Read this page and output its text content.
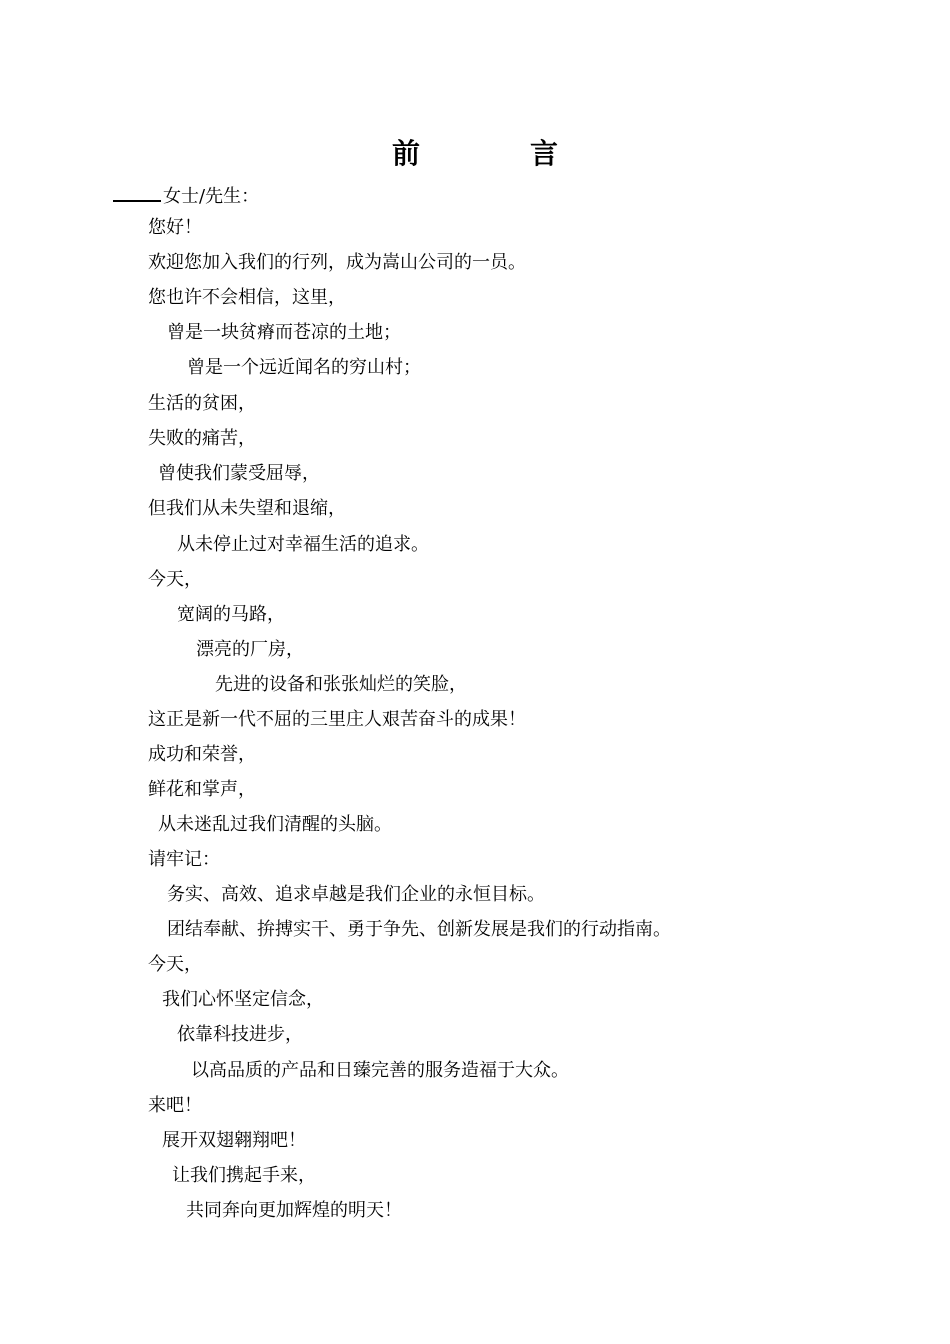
前	言
女士/先生：
您好！
欢迎您加入我们的行列，成为嵩山公司的一员。
您也许不会相信，这里，
曾是一块贫瘠而苍凉的土地；
曾是一个远近闻名的穷山村；
生活的贫困，
失败的痛苦，
曾使我们蒙受屈辱，
但我们从未失望和退缩，
从未停止过对幸福生活的追求。
今天，
宽阔的马路，
漂亮的厂房，
先进的设备和张张灿烂的笑脸，
这正是新一代不屈的三里庄人艰苦奋斗的成果！
成功和荣誉，
鲜花和掌声，
从未迷乱过我们清醒的头脑。
请牢记：
务实、高效、追求卓越是我们企业的永恒目标。
团结奉献、拚搏实干、勇于争先、创新发展是我们的行动指南。
今天，
我们心怀坚定信念，
依靠科技进步，
以高品质的产品和日臻完善的服务造福于大众。
来吧！
展开双翅翱翔吧！
让我们携起手来，
共同奔向更加辉煌的明天！
